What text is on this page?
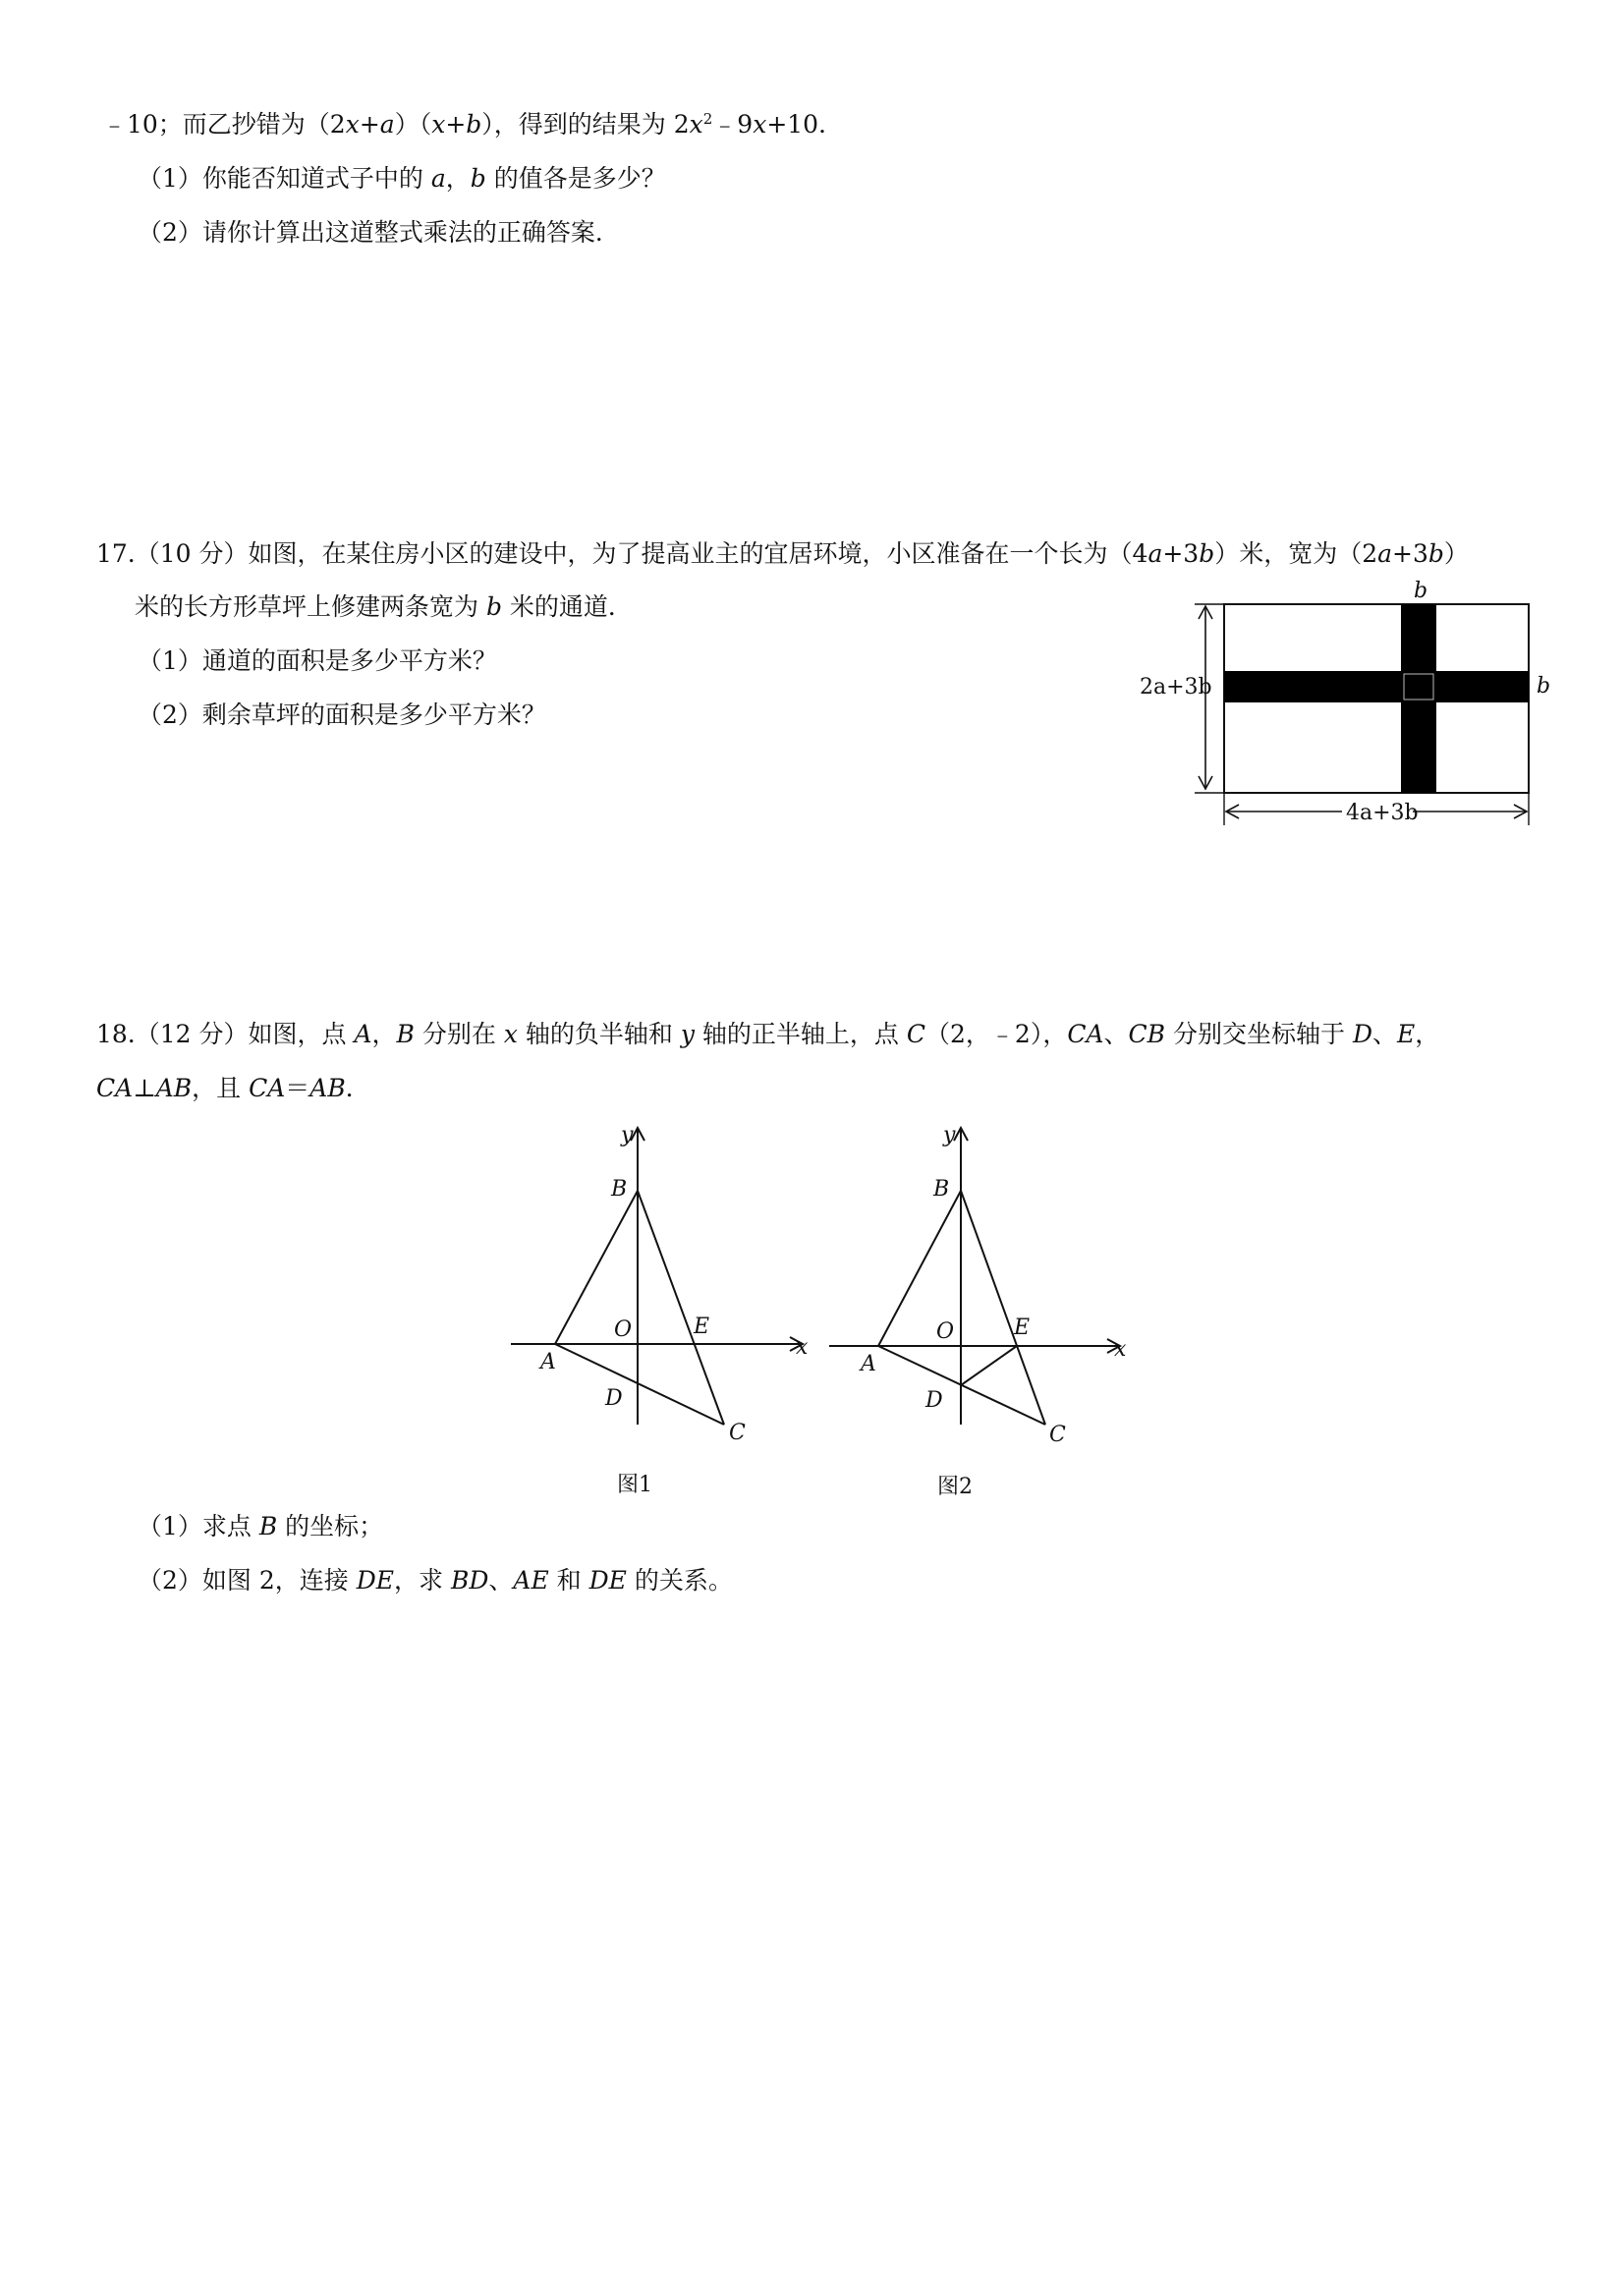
﹣10；而乙抄错为（2x+a）（x+b），得到的结果为 $2x^2﹣9x+10$．
（1）你能否知道式子中的 a，b 的值各是多少？
（2）请你计算出这道整式乘法的正确答案．
17.（10 分）如图，在某住房小区的建设中，为了提高业主的宜居环境，小区准备在一个长为（4a+3b）米，宽为（2a+3b）
米的长方形草坪上修建两条宽为 b 米的通道．
（1）通道的面积是多少平方米？
（2）剩余草坪的面积是多少平方米？
b
b
2a+3b
4a+3b
18.（12 分）如图，点 A，B 分别在 x 轴的负半轴和 y 轴的正半轴上，点 C（2，﹣2），CA、CB 分别交坐标轴于 D、E，
CA⊥AB，且 CA＝AB．
y
x
B
O	E
A
D
C
图1
y
x
B
O	E
A
D
C
图2
（1）求点 B 的坐标；
（2）如图 2，连接 DE，求 BD、AE 和 DE 的关系。
